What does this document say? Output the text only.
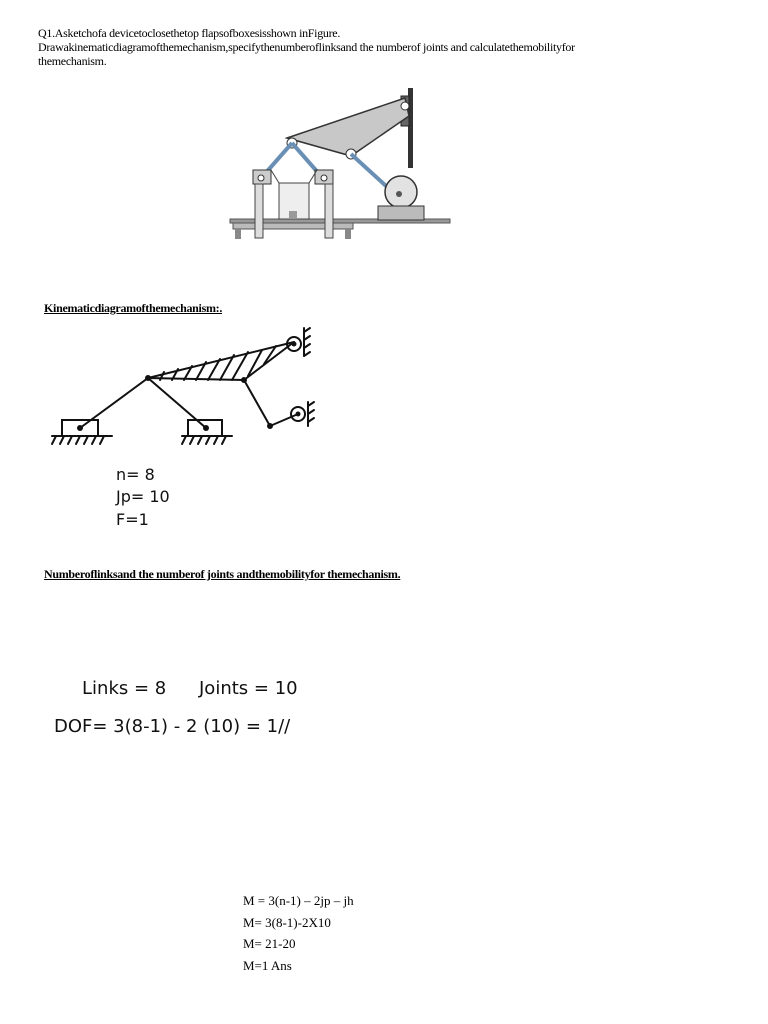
Q1.Asketchofa devicetoclosethetop flapsofboxesisshown inFigure.
Drawakinematicdiagramofthemechanism,specifythenumberoflinksand the numberof joints and calculatethemobilityfor
themechanism.
Kinematicdiagramofthemechanism:.
n= 8
Jp= 10
F=1
Numberoflinksand the numberof joints andthemobilityfor themechanism.
Links = 8 Joints = 10
DOF= 3(8-1) - 2 (10) = 1//
M = 3(n-1) – 2jp – jh
M= 3(8-1)-2X10
M= 21-20
M=1 Ans
